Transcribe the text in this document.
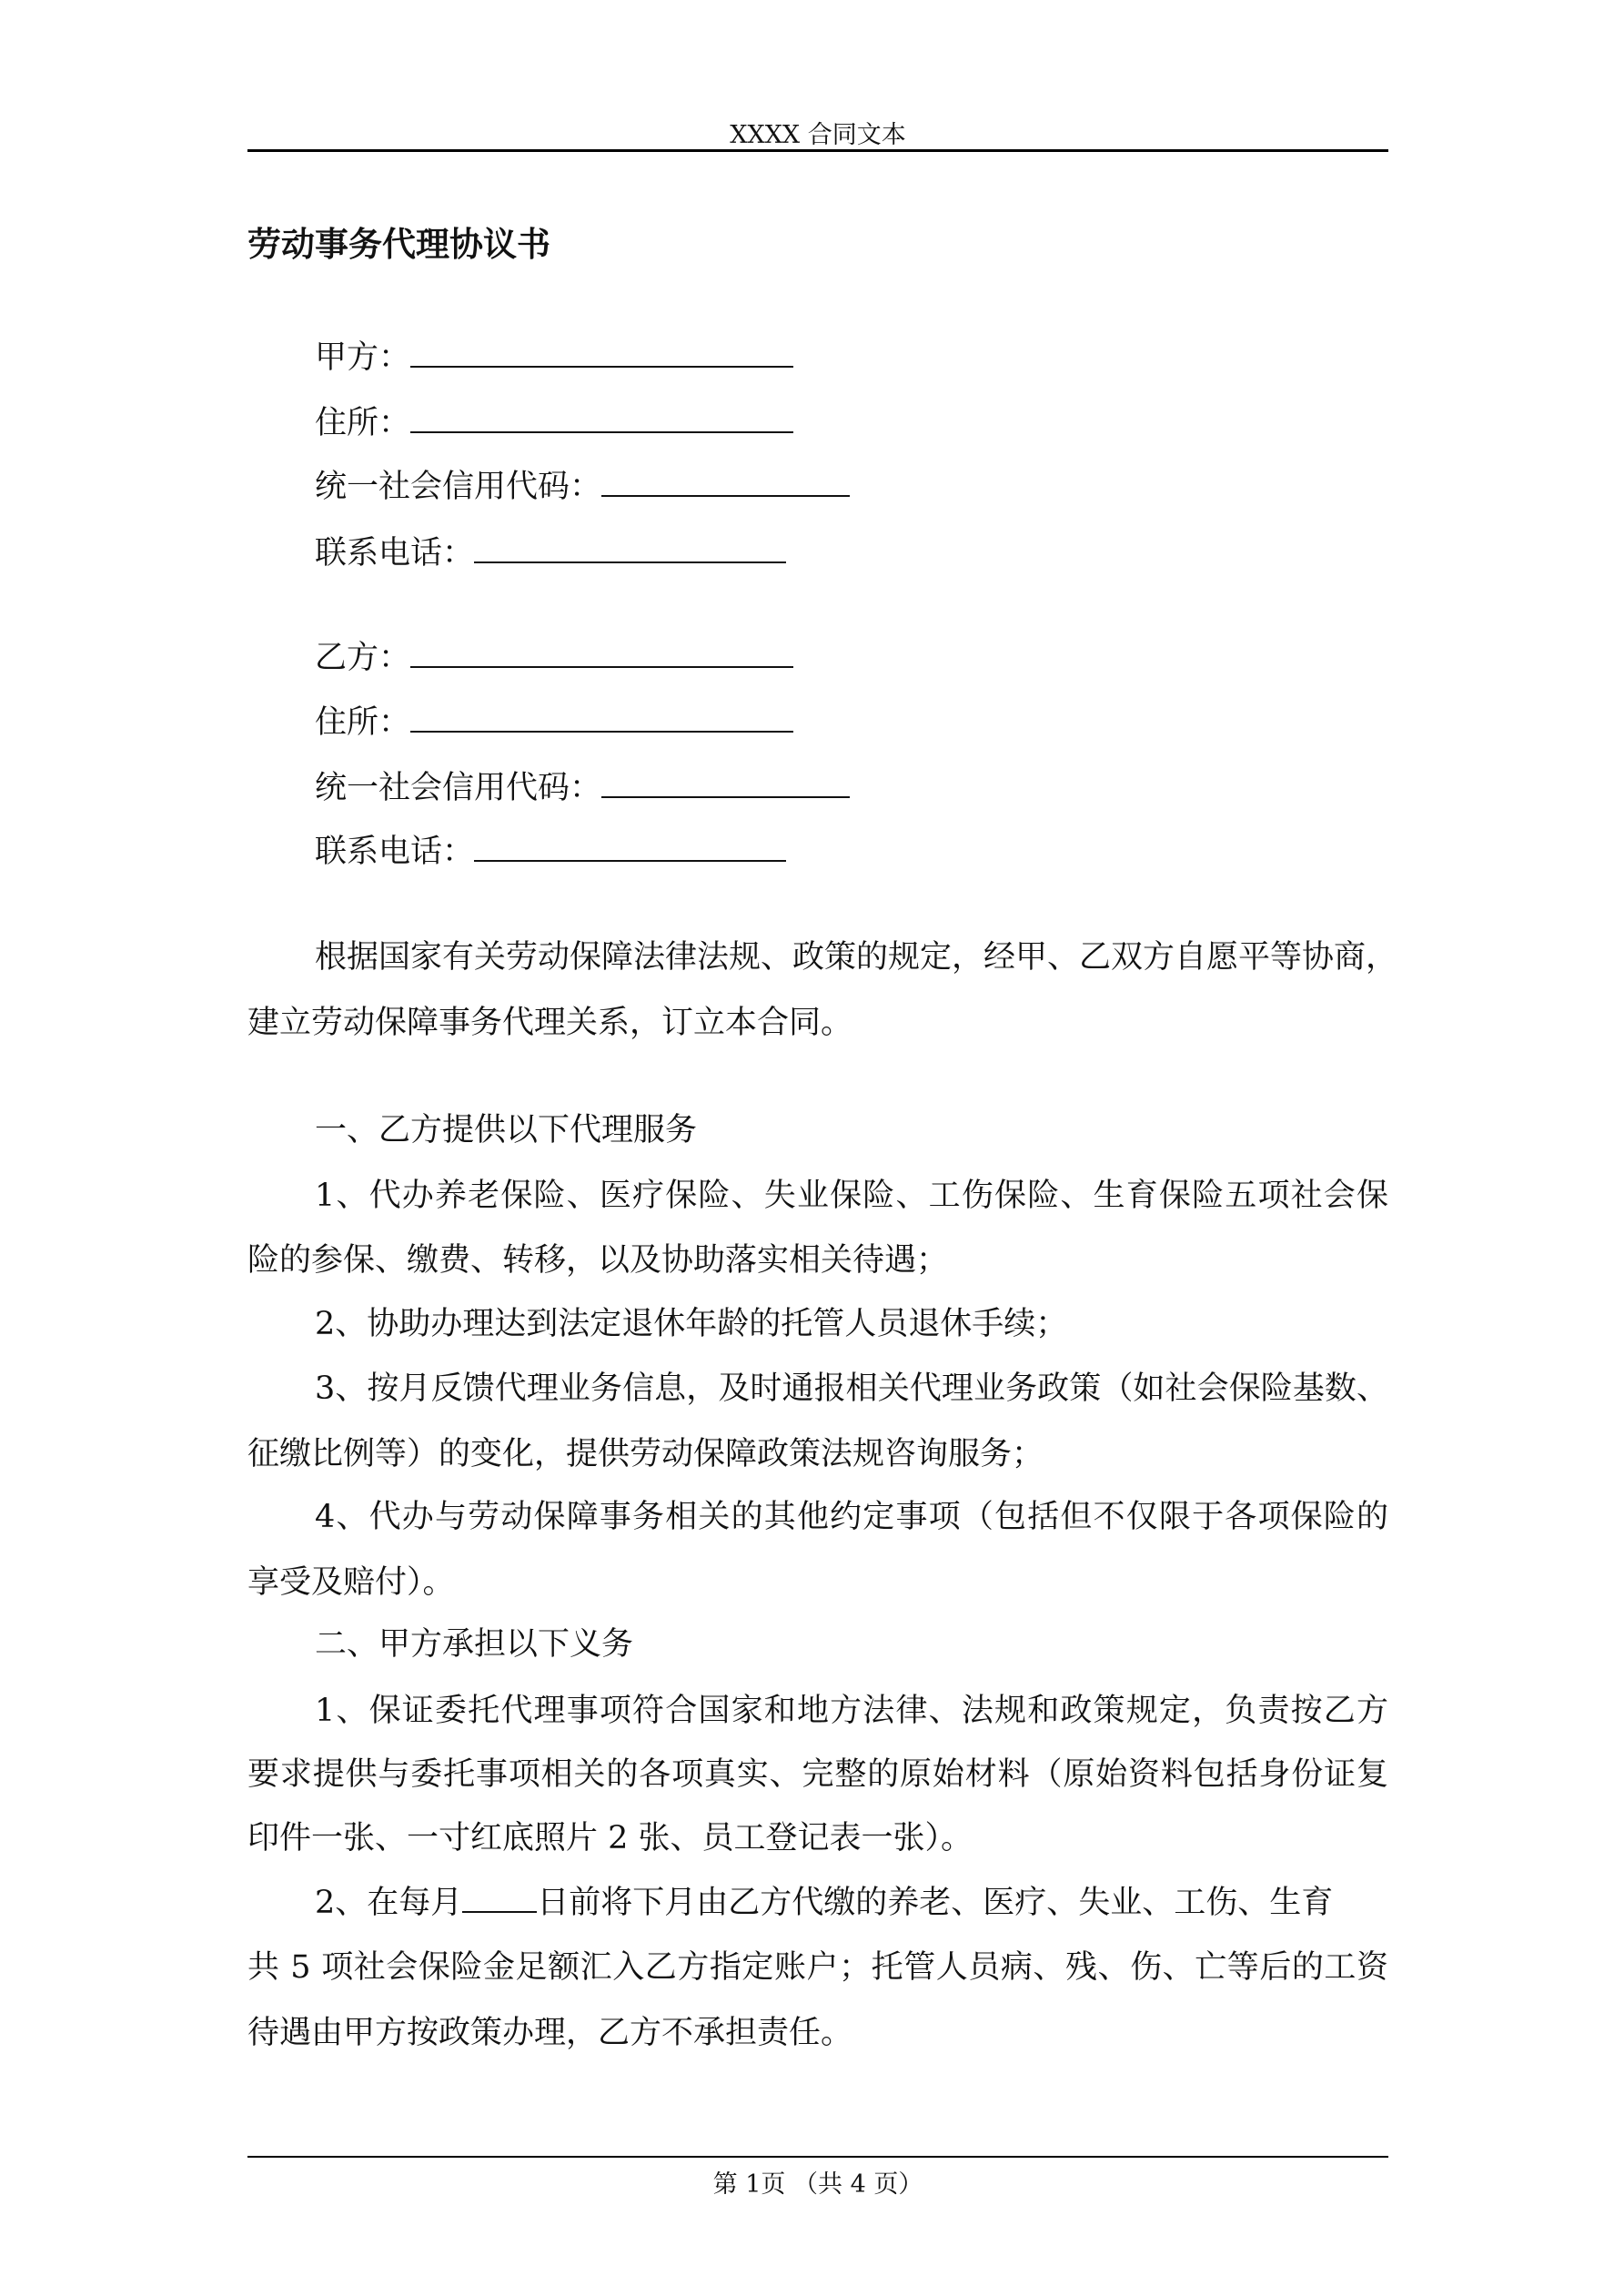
XXXX 合同文本
劳动事务代理协议书
甲方：
住所：
统一社会信用代码：
联系电话：
乙方：
住所：
统一社会信用代码：
联系电话：
根据国家有关劳动保障法律法规、政策的规定，经甲、乙双方自愿平等协商，
建立劳动保障事务代理关系，订立本合同。
一、乙方提供以下代理服务
1、代办养老保险、医疗保险、失业保险、工伤保险、生育保险五项社会保
险的参保、缴费、转移，以及协助落实相关待遇；
2、协助办理达到法定退休年龄的托管人员退休手续；
3、按月反馈代理业务信息，及时通报相关代理业务政策（如社会保险基数、
征缴比例等）的变化，提供劳动保障政策法规咨询服务；
4、代办与劳动保障事务相关的其他约定事项（包括但不仅限于各项保险的
享受及赔付）。
二、甲方承担以下义务
1、保证委托代理事项符合国家和地方法律、法规和政策规定，负责按乙方
要求提供与委托事项相关的各项真实、完整的原始材料（原始资料包括身份证复
印件一张、一寸红底照片 2 张、员工登记表一张）。
2、在每月 日前将下月由乙方代缴的养老、医疗、失业、工伤、生育
共 5 项社会保险金足额汇入乙方指定账户；托管人员病、残、伤、亡等后的工资
待遇由甲方按政策办理，乙方不承担责任。
第 1页 （共 4 页）
